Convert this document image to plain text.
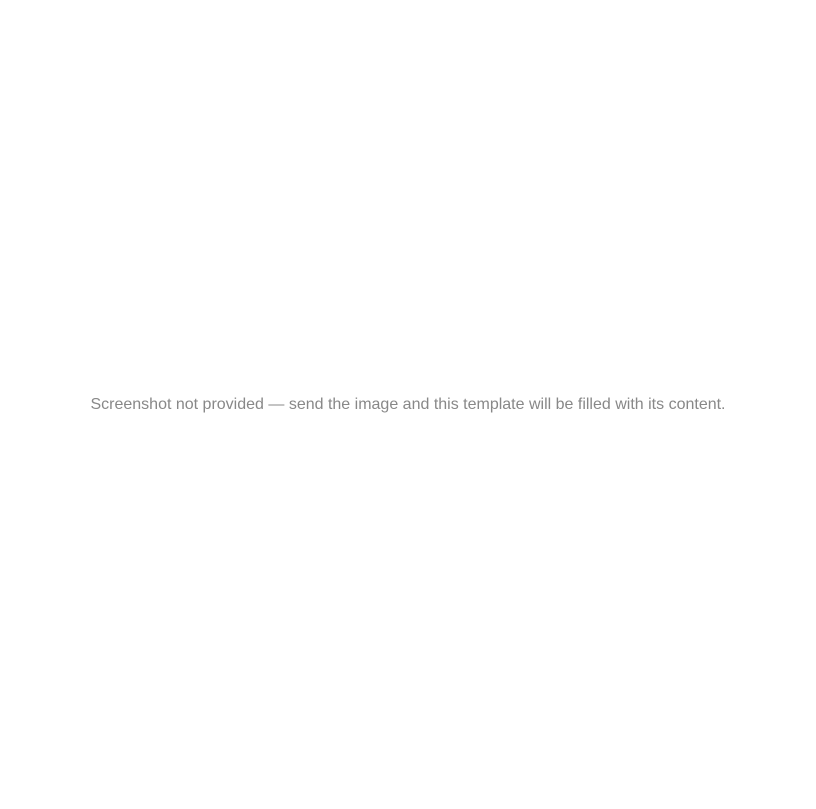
Screenshot not provided — send the image and this template will be filled with its content.
